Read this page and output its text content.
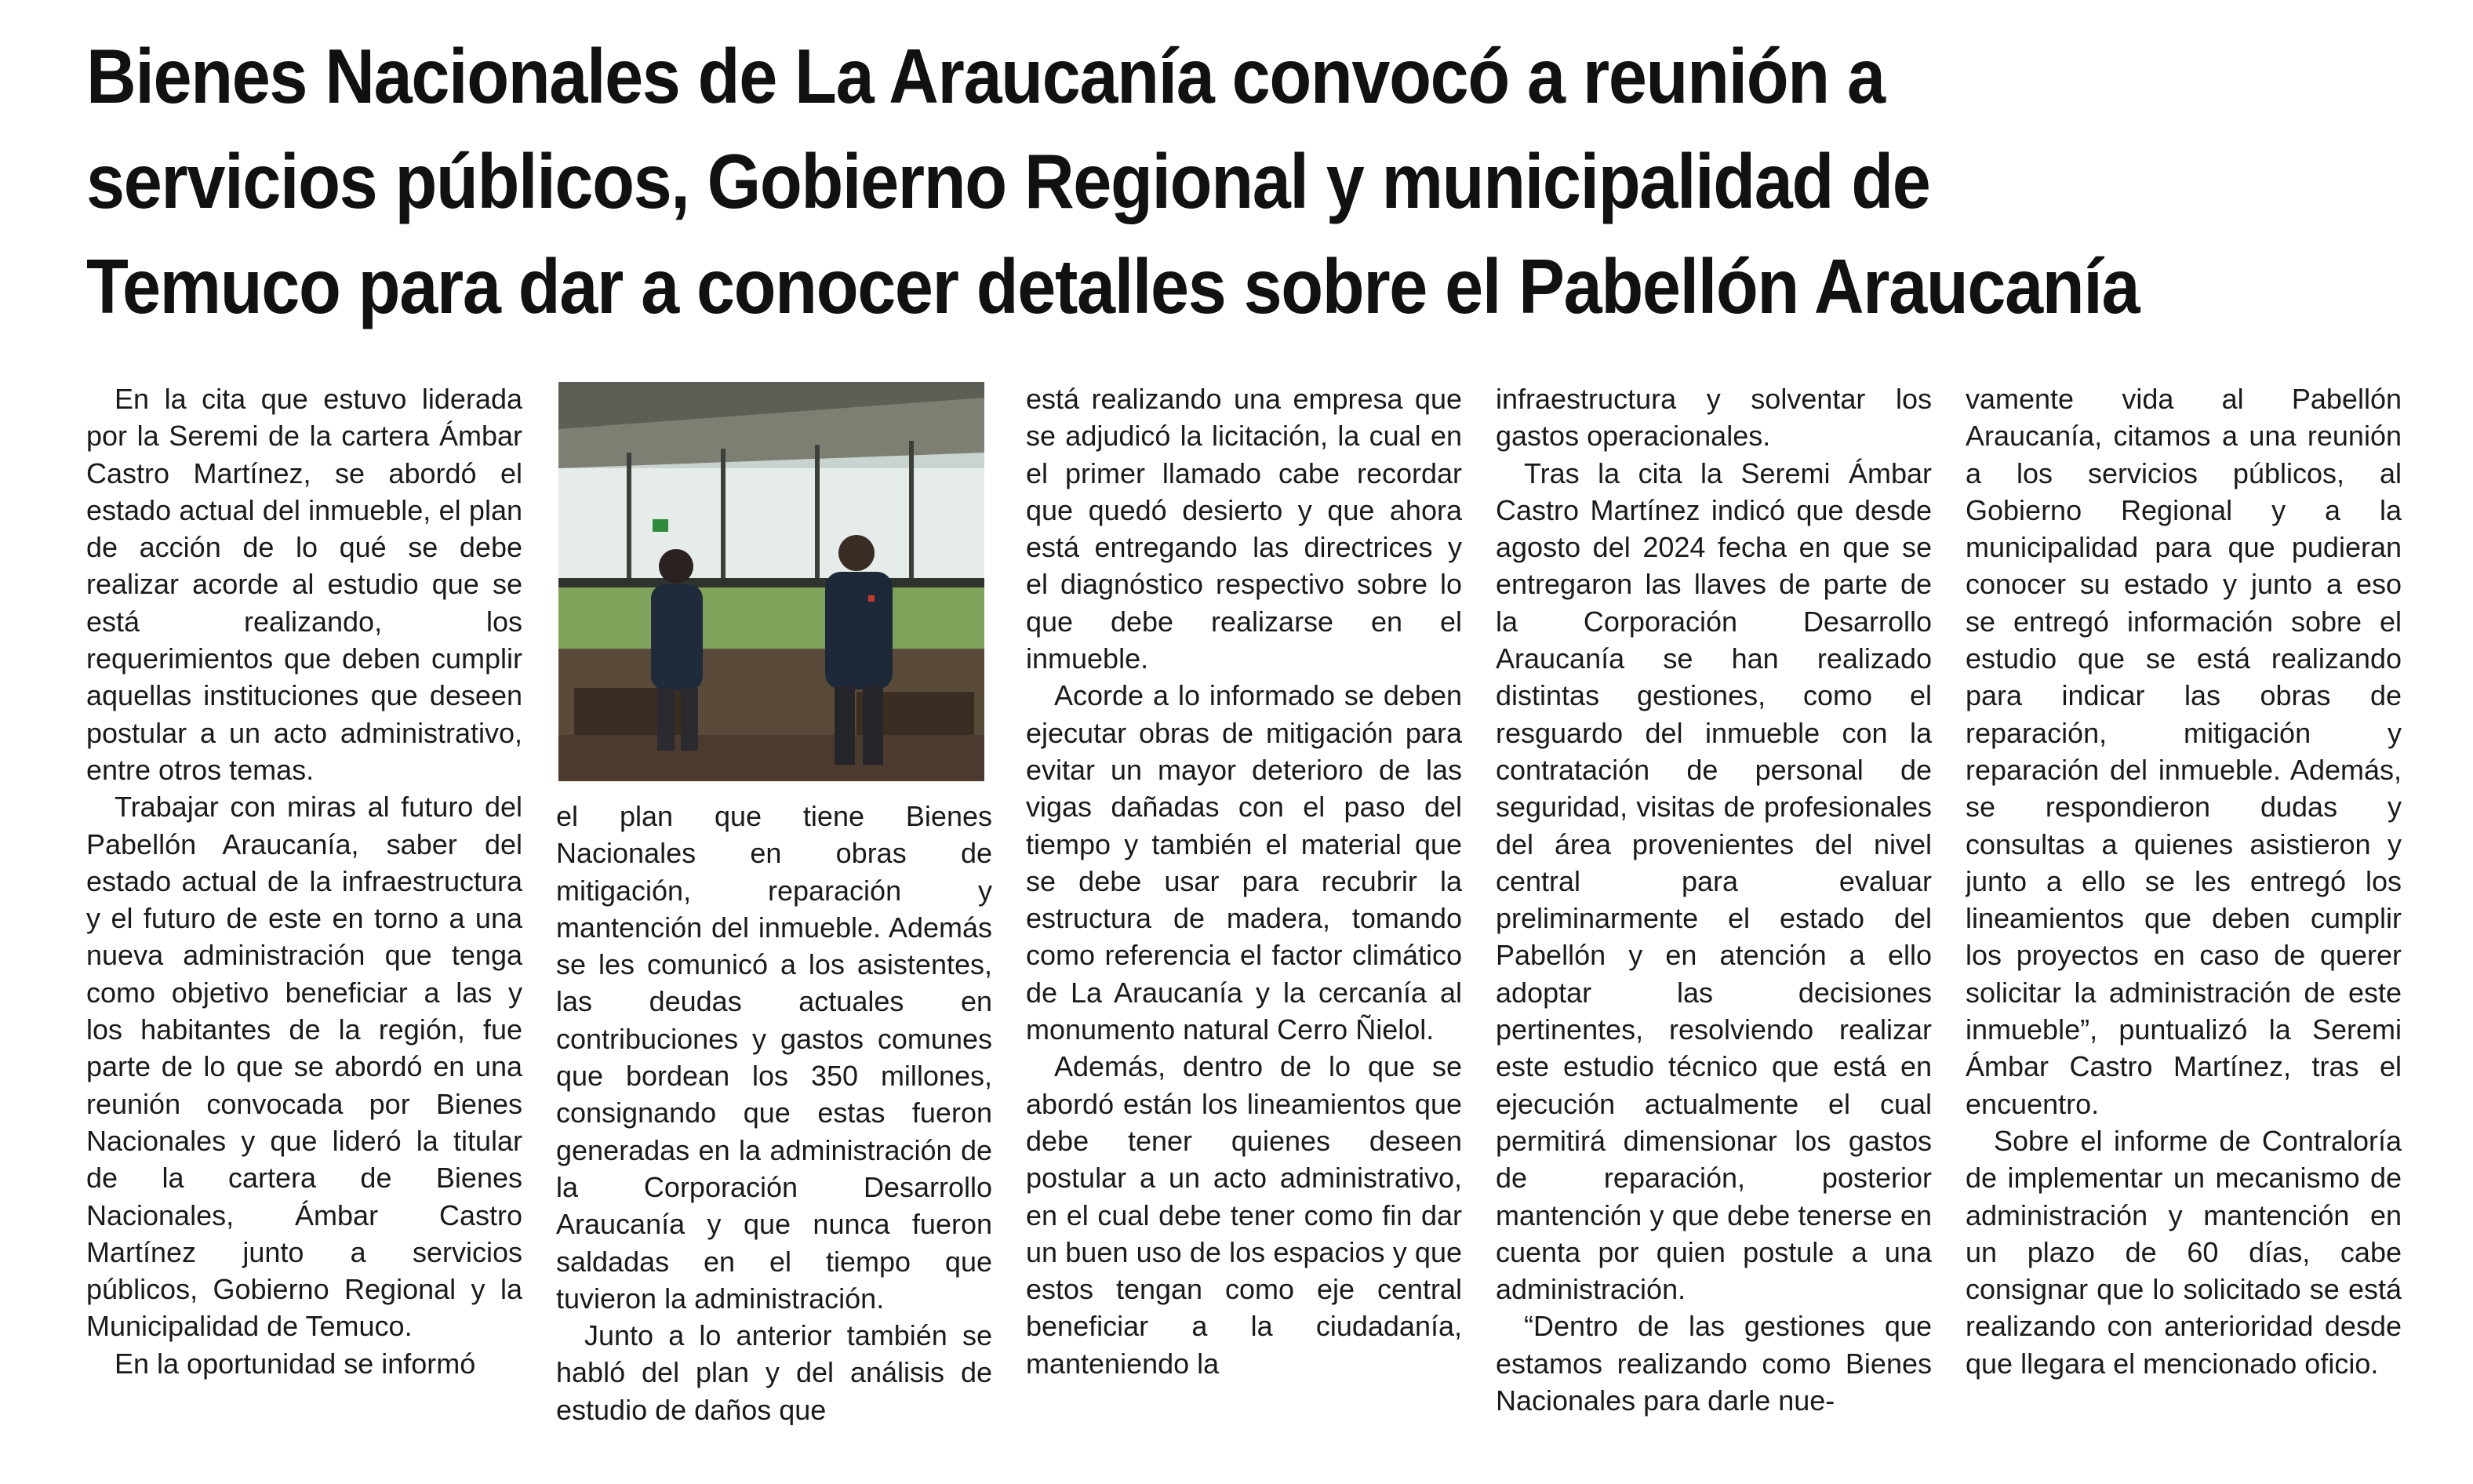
Bienes Nacionales de La Araucanía convocó a reunión a servicios públicos, Gobierno Regional y municipalidad de Temuco para dar a conocer detalles sobre el Pabellón Araucanía

En la cita que estuvo liderada por la Seremi de la cartera Ámbar Castro Martínez, se abordó el estado actual del inmueble, el plan de acción de lo qué se debe realizar acorde al estudio que se está realizando, los requerimientos que deben cumplir aquellas instituciones que deseen postular a un acto administrativo, entre otros temas.

Trabajar con miras al futuro del Pabellón Araucanía, saber del estado actual de la infraestructura y el futuro de este en torno a una nueva administración que tenga como objetivo beneficiar a las y los habitantes de la región, fue parte de lo que se abordó en una reunión convocada por Bienes Nacionales y que lideró la titular de la cartera de Bienes Nacionales, Ámbar Castro Martínez junto a servicios públicos, Gobierno Regional y la Municipalidad de Temuco.

En la oportunidad se informó

el plan que tiene Bienes Nacionales en obras de mitigación, reparación y mantención del inmueble. Además se les comunicó a los asistentes, las deudas actuales en contribuciones y gastos comunes que bordean los 350 millones, consignando que estas fueron generadas en la administración de la Corporación Desarrollo Araucanía y que nunca fueron saldadas en el tiempo que tuvieron la administración.

Junto a lo anterior también se habló del plan y del análisis de estudio de daños que

está realizando una empresa que se adjudicó la licitación, la cual en el primer llamado cabe recordar que quedó desierto y que ahora está entregando las directrices y el diagnóstico respectivo sobre lo que debe realizarse en el inmueble.

Acorde a lo informado se deben ejecutar obras de mitigación para evitar un mayor deterioro de las vigas dañadas con el paso del tiempo y también el material que se debe usar para recubrir la estructura de madera, tomando como referencia el factor climático de La Araucanía y la cercanía al monumento natural Cerro Ñielol.

Además, dentro de lo que se abordó están los lineamientos que debe tener quienes deseen postular a un acto administrativo, en el cual debe tener como fin dar un buen uso de los espacios y que estos tengan como eje central beneficiar a la ciudadanía, manteniendo la

infraestructura y solventar los gastos operacionales.

Tras la cita la Seremi Ámbar Castro Martínez indicó que desde agosto del 2024 fecha en que se entregaron las llaves de parte de la Corporación Desarrollo Araucanía se han realizado distintas gestiones, como el resguardo del inmueble con la contratación de personal de seguridad, visitas de profesionales del área provenientes del nivel central para evaluar preliminarmente el estado del Pabellón y en atención a ello adoptar las decisiones pertinentes, resolviendo realizar este estudio técnico que está en ejecución actualmente el cual permitirá dimensionar los gastos de reparación, posterior mantención y que debe tenerse en cuenta por quien postule a una administración.

“Dentro de las gestiones que estamos realizando como Bienes Nacionales para darle nue-

vamente vida al Pabellón Araucanía, citamos a una reunión a los servicios públicos, al Gobierno Regional y a la municipalidad para que pudieran conocer su estado y junto a eso se entregó información sobre el estudio que se está realizando para indicar las obras de reparación, mitigación y reparación del inmueble. Además, se respondieron dudas y consultas a quienes asistieron y junto a ello se les entregó los lineamientos que deben cumplir los proyectos en caso de querer solicitar la administración de este inmueble”, puntualizó la Seremi Ámbar Castro Martínez, tras el encuentro.

Sobre el informe de Contraloría de implementar un mecanismo de administración y mantención en un plazo de 60 días, cabe consignar que lo solicitado se está realizando con anterioridad desde que llegara el mencionado oficio.
